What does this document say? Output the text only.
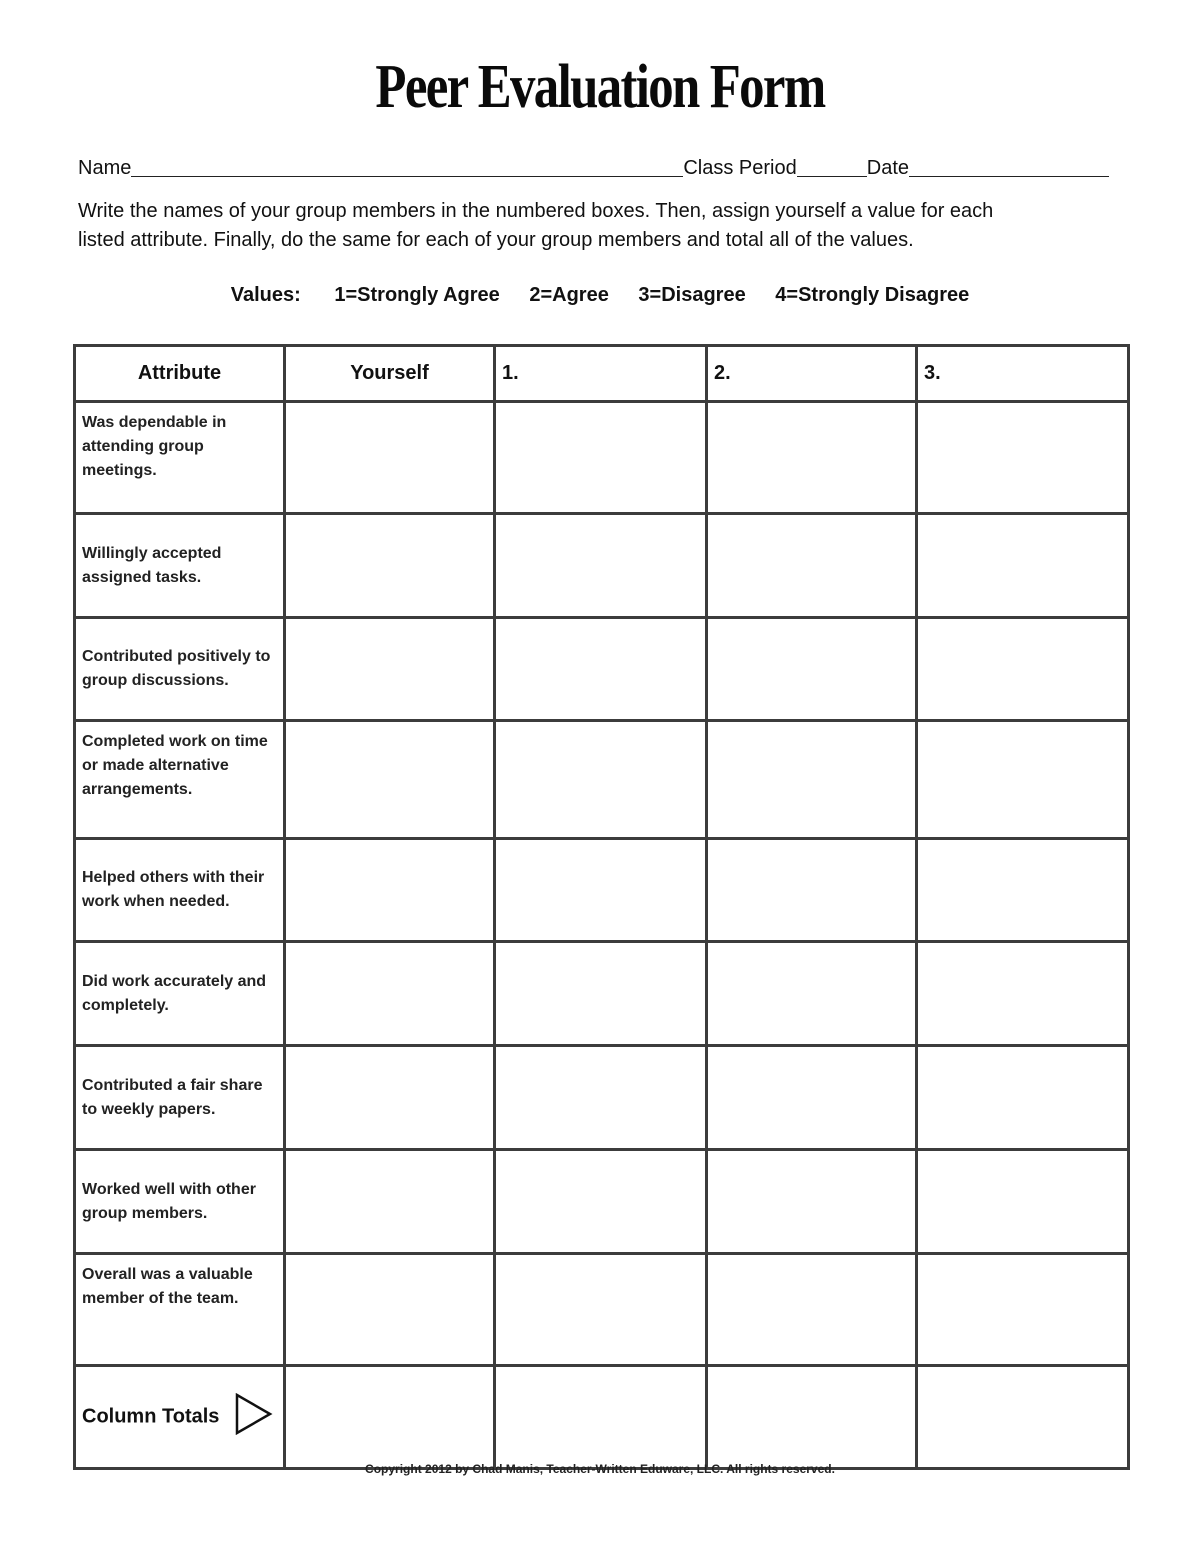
Peer Evaluation Form
Name	Class Period	Date

Write the names of your group members in the numbered boxes. Then, assign yourself a value for each

listed attribute. Finally, do the same for each of your group members and total all of the values.

Values: 1=Strongly Agree 2=Agree 3=Disagree 4=Strongly Disagree
Attribute	Yourself	1.	2.	3.
Was dependable in attending group meetings.				
Willingly accepted assigned tasks.				
Contributed positively to group discussions.				
Completed work on time or made alternative arrangements.				
Helped others with their work when needed.				
Did work accurately and completely.				
Contributed a fair share to weekly papers.				
Worked well with other group members.				
Overall was a valuable member of the team.				
Column Totals				
Copyright 2012 by Chad Manis, Teacher-Written Eduware, LLC. All rights reserved.
